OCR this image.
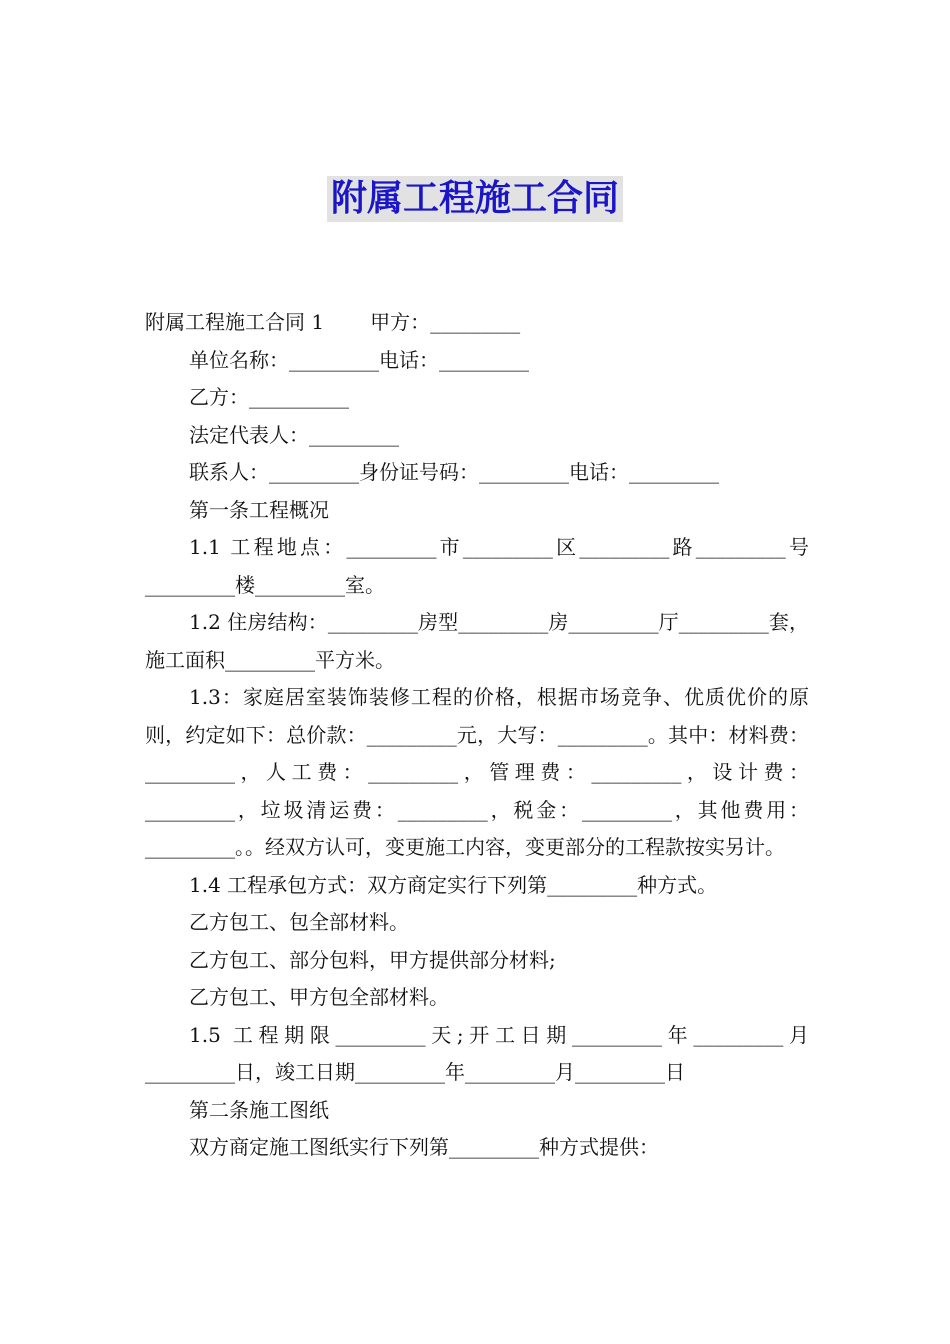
附属工程施工合同

附属工程施工合同 1 甲方：_________

单位名称：_________电话：_________

乙方：__________

法定代表人：_________

联系人：_________身份证号码：_________电话：_________

第一条工程概况

1.1 工程地点：_________市_________区_________路_________号_________楼_________室。

1.2 住房结构：_________房型_________房_________厅_________套，施工面积_________平方米。

1.3：家庭居室装饰装修工程的价格，根据市场竞争、优质优价的原则，约定如下：总价款：_________元，大写：_________。其中：材料费：_________，人工费：_________，管理费：_________，设计费：_________，垃圾清运费：_________，税金：_________，其他费用：_________。。经双方认可，变更施工内容，变更部分的工程款按实另计。

1.4 工程承包方式：双方商定实行下列第_________种方式。

乙方包工、包全部材料。

乙方包工、部分包料，甲方提供部分材料;

乙方包工、甲方包全部材料。

1.5 工程期限_________天;开工日期_________年_________月_________日，竣工日期_________年_________月_________日

第二条施工图纸

双方商定施工图纸实行下列第_________种方式提供：
